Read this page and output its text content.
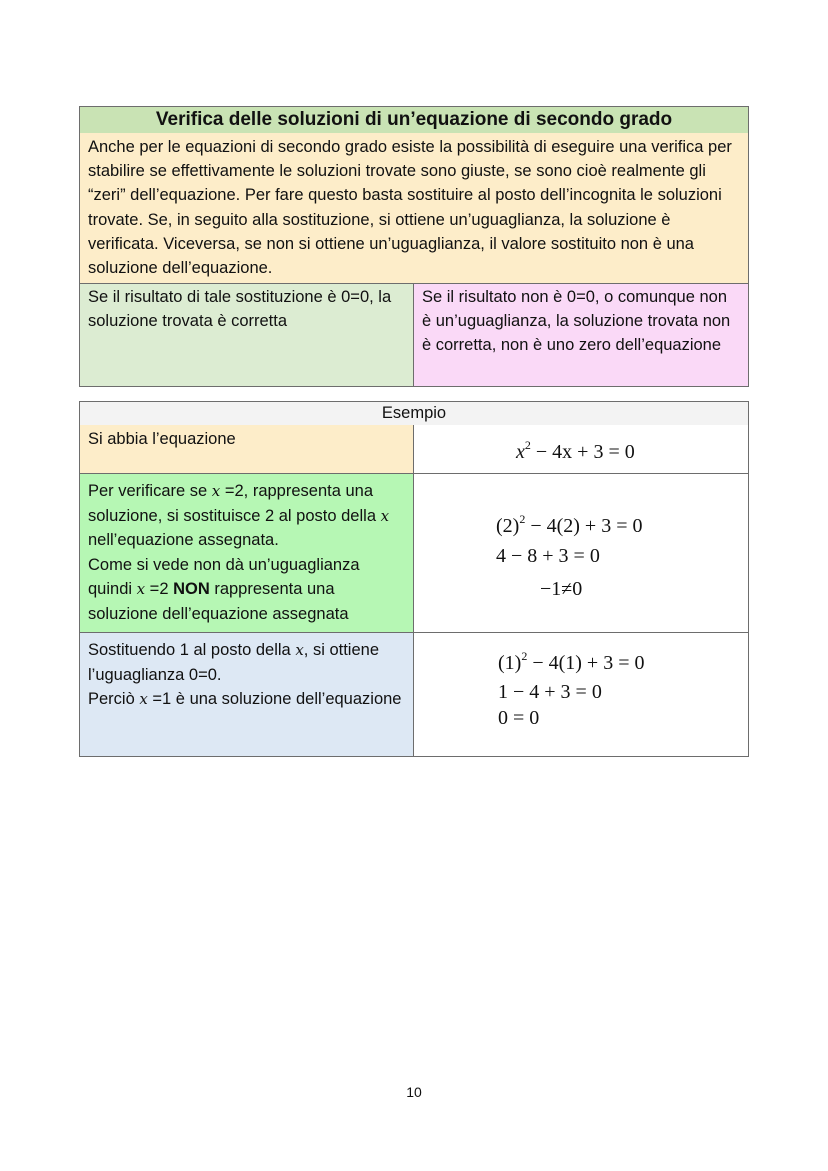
Verifica delle soluzioni di un’equazione di secondo grado
Anche per le equazioni di secondo grado esiste la possibilità di eseguire una verifica per stabilire se effettivamente le soluzioni trovate sono giuste, se sono cioè realmente gli “zeri” dell’equazione. Per fare questo basta sostituire al posto dell’incognita le soluzioni trovate. Se, in seguito alla sostituzione, si ottiene un’uguaglianza, la soluzione è verificata. Viceversa, se non si ottiene un’uguaglianza, il valore sostituito non è una soluzione dell’equazione.
Se il risultato di tale sostituzione è 0=0, la soluzione trovata è corretta
Se il risultato non è 0=0, o comunque non è un’uguaglianza, la soluzione trovata non è corretta, non è uno zero dell’equazione
Esempio
Si abbia l’equazione
$x^2 - 4x + 3 = 0$
Per verificare se x =2, rappresenta una soluzione, si sostituisce 2 al posto della x nell’equazione assegnata.
Come si vede non dà un’uguaglianza quindi x =2 NON rappresenta una soluzione dell’equazione assegnata
$(2)^2 - 4(2) + 3 = 0$
4 − 8 + 3 = 0
−1≠0
Sostituendo 1 al posto della x, si ottiene l’uguaglianza 0=0.
Perciò x =1 è una soluzione dell’equazione
$(1)^2 - 4(1) + 3 = 0$
1 − 4 + 3 = 0
0 = 0
10
